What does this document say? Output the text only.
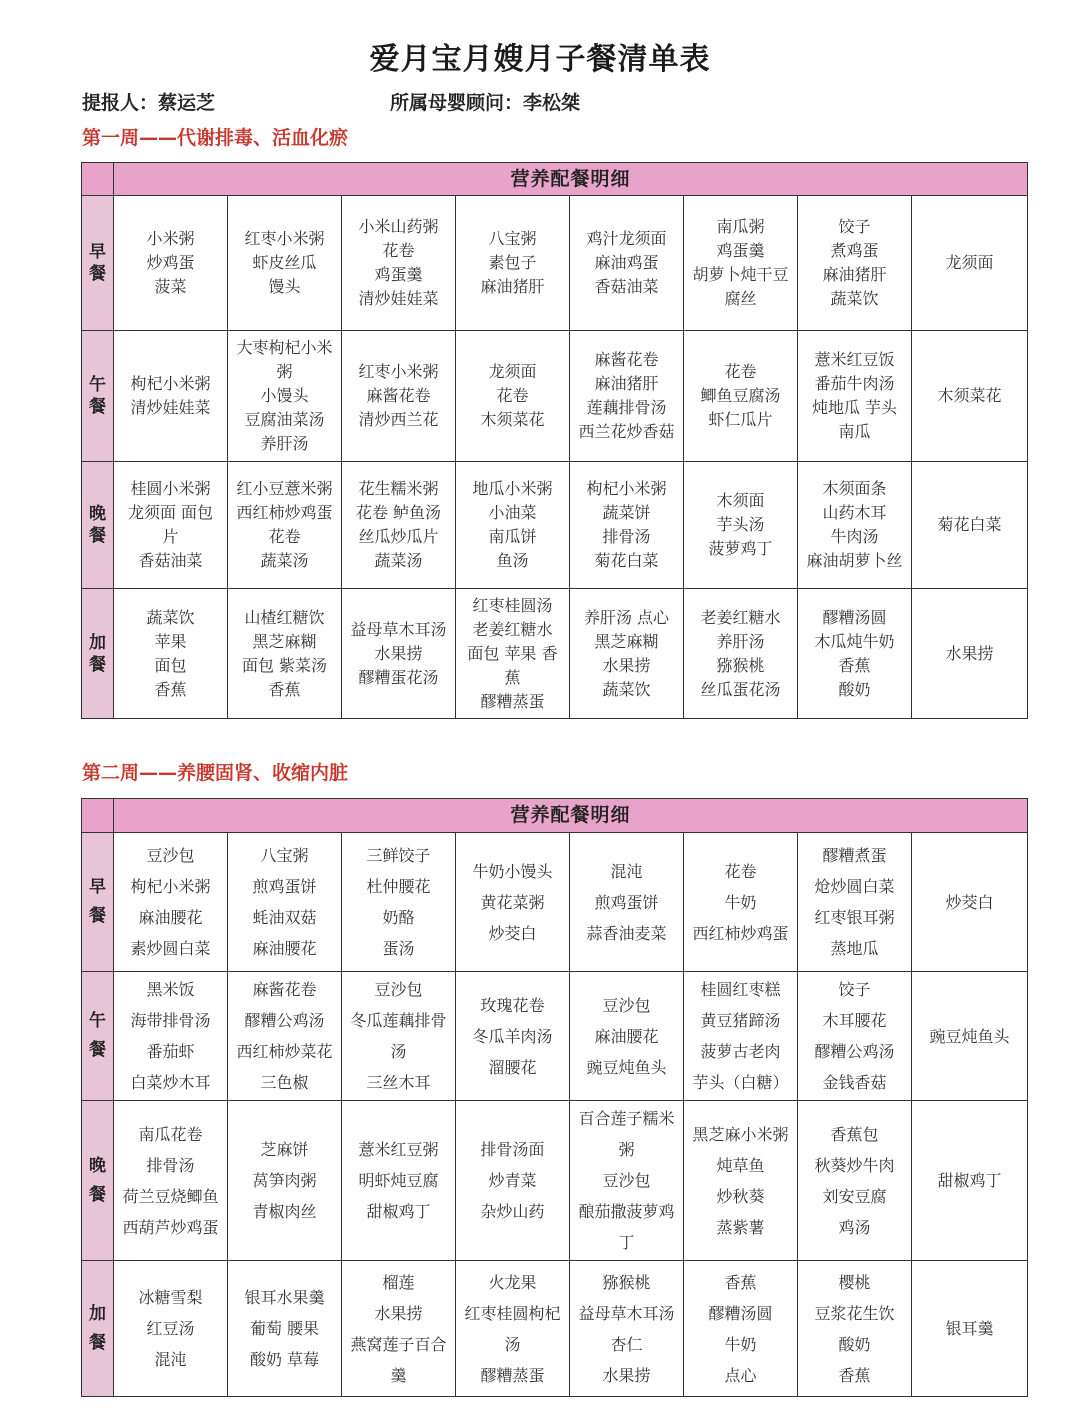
爱月宝月嫂月子餐清单表
提报人：蔡运芝	所属母婴顾问：李松桀
第一周——代谢排毒、活血化瘀
	营养配餐明细							

早
餐	小米粥
炒鸡蛋
菠菜	红枣小米粥
虾皮丝瓜
馒头	小米山药粥
花卷
鸡蛋羹
清炒娃娃菜	八宝粥
素包子
麻油猪肝	鸡汁龙须面
麻油鸡蛋
香菇油菜	南瓜粥
鸡蛋羹
胡萝卜炖干豆
腐丝	饺子
煮鸡蛋
麻油猪肝
蔬菜饮	龙须面

午
餐	枸杞小米粥
清炒娃娃菜	大枣枸杞小米
粥
小馒头
豆腐油菜汤
养肝汤	红枣小米粥
麻酱花卷
清炒西兰花	龙须面
花卷
木须菜花	麻酱花卷
麻油猪肝
莲藕排骨汤
西兰花炒香菇	花卷
鲫鱼豆腐汤
虾仁瓜片	薏米红豆饭
番茄牛肉汤
炖地瓜 芋头
南瓜	木须菜花

晚
餐	桂圆小米粥
龙须面 面包
片
香菇油菜	红小豆薏米粥
西红柿炒鸡蛋
花卷
蔬菜汤	花生糯米粥
花卷 鲈鱼汤
丝瓜炒瓜片
蔬菜汤	地瓜小米粥
小油菜
南瓜饼
鱼汤	枸杞小米粥
蔬菜饼
排骨汤
菊花白菜	木须面
芋头汤
菠萝鸡丁	木须面条
山药木耳
牛肉汤
麻油胡萝卜丝	菊花白菜

加
餐	蔬菜饮
苹果
面包
香蕉	山楂红糖饮
黑芝麻糊
面包 紫菜汤
香蕉	益母草木耳汤
水果捞
醪糟蛋花汤	红枣桂圆汤
老姜红糖水
面包 苹果 香
蕉
醪糟蒸蛋	养肝汤 点心
黑芝麻糊
水果捞
蔬菜饮	老姜红糖水
养肝汤
猕猴桃
丝瓜蛋花汤	醪糟汤圆
木瓜炖牛奶
香蕉
酸奶	水果捞
第二周——养腰固肾、收缩内脏
	营养配餐明细							

早
餐	豆沙包
枸杞小米粥
麻油腰花
素炒圆白菜	八宝粥
煎鸡蛋饼
蚝油双菇
麻油腰花	三鲜饺子
杜仲腰花
奶酪
蛋汤	牛奶小馒头
黄花菜粥
炒茭白	混沌
煎鸡蛋饼
蒜香油麦菜	花卷
牛奶
西红柿炒鸡蛋	醪糟煮蛋
炝炒圆白菜
红枣银耳粥
蒸地瓜	炒茭白

午
餐	黑米饭
海带排骨汤
番茄虾
白菜炒木耳	麻酱花卷
醪糟公鸡汤
西红柿炒菜花
三色椒	豆沙包
冬瓜莲藕排骨
汤
三丝木耳	玫瑰花卷
冬瓜羊肉汤
溜腰花	豆沙包
麻油腰花
豌豆炖鱼头	桂圆红枣糕
黄豆猪蹄汤
菠萝古老肉
芋头（白糖）	饺子
木耳腰花
醪糟公鸡汤
金钱香菇	豌豆炖鱼头

晚
餐	南瓜花卷
排骨汤
荷兰豆烧鲫鱼
西葫芦炒鸡蛋	芝麻饼
莴笋肉粥
青椒肉丝	薏米红豆粥
明虾炖豆腐
甜椒鸡丁	排骨汤面
炒青菜
杂炒山药	百合莲子糯米
粥
豆沙包
酿茄撒菠萝鸡
丁	黑芝麻小米粥
炖草鱼
炒秋葵
蒸紫薯	香蕉包
秋葵炒牛肉
刘安豆腐
鸡汤	甜椒鸡丁

加
餐	冰糖雪梨
红豆汤
混沌	银耳水果羹
葡萄 腰果
酸奶 草莓	榴莲
水果捞
燕窝莲子百合
羹	火龙果
红枣桂圆枸杞
汤
醪糟蒸蛋	猕猴桃
益母草木耳汤
杏仁
水果捞	香蕉
醪糟汤圆
牛奶
点心	樱桃
豆浆花生饮
酸奶
香蕉	银耳羹
